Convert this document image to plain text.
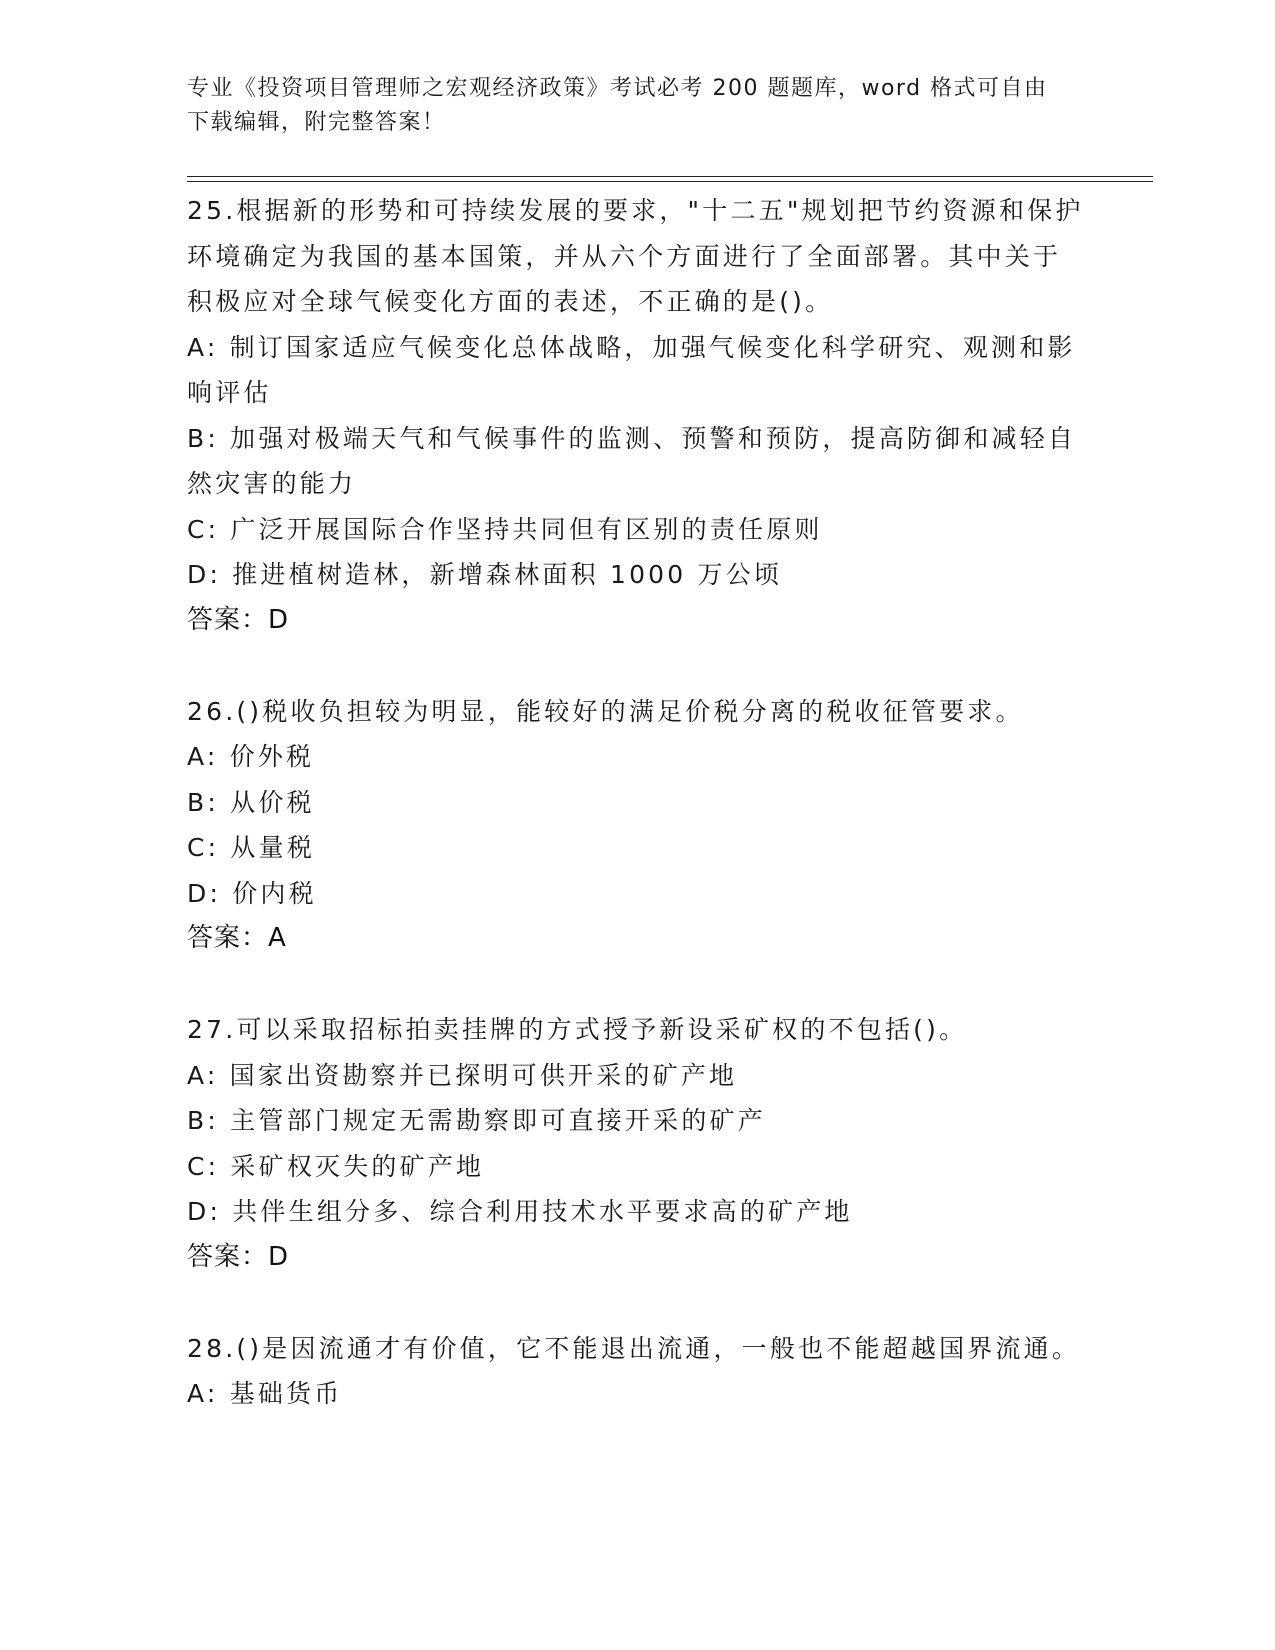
专业《投资项目管理师之宏观经济政策》考试必考 200 题题库，word 格式可自由下载编辑，附完整答案！
25.根据新的形势和可持续发展的要求，"十二五"规划把节约资源和保护环境确定为我国的基本国策，并从六个方面进行了全面部署。其中关于积极应对全球气候变化方面的表述，不正确的是()。
A: 制订国家适应气候变化总体战略，加强气候变化科学研究、观测和影响评估
B: 加强对极端天气和气候事件的监测、预警和预防，提高防御和减轻自然灾害的能力
C: 广泛开展国际合作坚持共同但有区别的责任原则
D: 推进植树造林，新增森林面积 1000 万公顷
答案：D
26.()税收负担较为明显，能较好的满足价税分离的税收征管要求。
A: 价外税
B: 从价税
C: 从量税
D: 价内税
答案：A
27.可以采取招标拍卖挂牌的方式授予新设采矿权的不包括()。
A: 国家出资勘察并已探明可供开采的矿产地
B: 主管部门规定无需勘察即可直接开采的矿产
C: 采矿权灭失的矿产地
D: 共伴生组分多、综合利用技术水平要求高的矿产地
答案：D
28.()是因流通才有价值，它不能退出流通，一般也不能超越国界流通。
A: 基础货币
